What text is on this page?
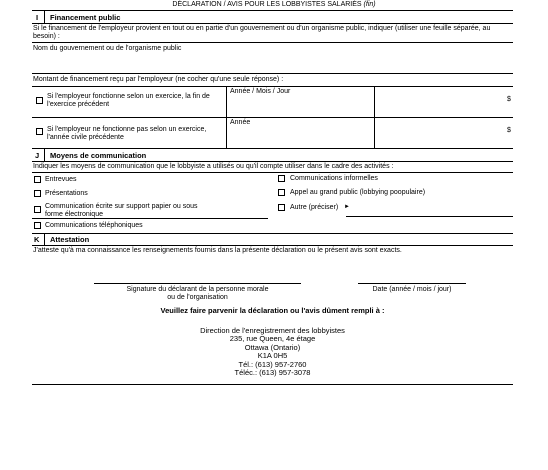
DÉCLARATION / AVIS POUR LES LOBBYISTES SALARIÉS (fin)
I Financement public
Si le financement de l'employeur provient en tout ou en partie d'un gouvernement ou d'un organisme public, indiquer (utiliser une feuille séparée, au besoin) :
Nom du gouvernement ou de l'organisme public
Montant de financement reçu par l'employeur (ne cocher qu'une seule réponse) :
Si l'employeur fonctionne selon un exercice, la fin de l'exercice précédent
Année / Mois / Jour
$
Si l'employeur ne fonctionne pas selon un exercice, l'année civile précédente
Année
$
J Moyens de communication
Indiquer les moyens de communication que le lobbyiste a utilisés ou qu'il compte utiliser dans le cadre des activités :
Entrevues
Présentations
Communication écrite sur support papier ou sous forme électronique
Communications téléphoniques
Communications informelles
Appel au grand public (lobbying poopulaire)
Autre (préciser) ►
K Attestation
J'atteste qu'à ma connaissance les renseignements fournis dans la présente déclaration ou le présent avis sont exacts.
Signature du déclarant de la personne morale
ou de l'organisation
Date (année / mois / jour)
Veuillez faire parvenir la déclaration ou l'avis dûment rempli à :
Direction de l'enregistrement des lobbyistes
235, rue Queen, 4e étage
Ottawa (Ontario)
K1A 0H5
Tél.: (613) 957-2760
Téléc.: (613) 957-3078
